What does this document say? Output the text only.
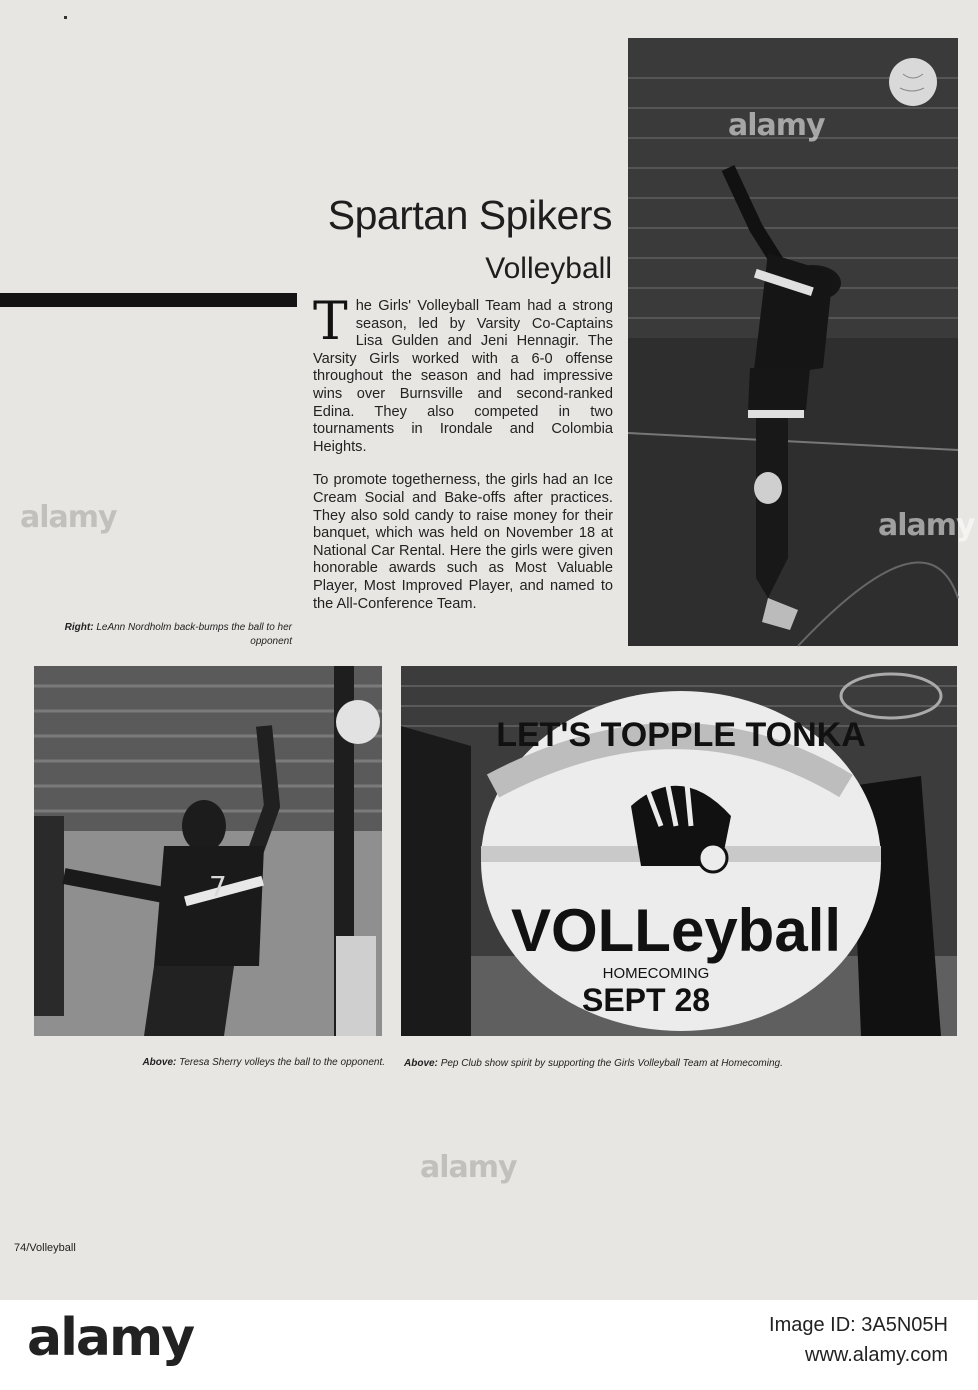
alamy
alamy
Spartan Spikers
Volleyball

The Girls' Volleyball Team had a strong season, led by Varsity Co-Captains Lisa Gulden and Jeni Hennagir. The Varsity Girls worked with a 6-0 offense throughout the season and had impressive wins over Burnsville and second-ranked Edina. They also competed in two tournaments in Irondale and Colombia Heights.

To promote togetherness, the girls had an Ice Cream Social and Bake-offs after practices. They also sold candy to raise money for their banquet, which was held on November 18 at National Car Rental. Here the girls were given honorable awards such as Most Valuable Player, Most Improved Player, and named to the All-Conference Team.

Right: LeAnn Nordholm back-bumps the ball to her opponent
7
LET'S TOPPLE TONKA
VOLLeyball
HOMECOMING
SEPT 28
Above: Teresa Sherry volleys the ball to the opponent. Above: Pep Club show spirit by supporting the Girls Volleyball Team at Homecoming.
alamy
alamy
74/Volleyball
alamy	Image ID: 3A5N05H
www.alamy.com
